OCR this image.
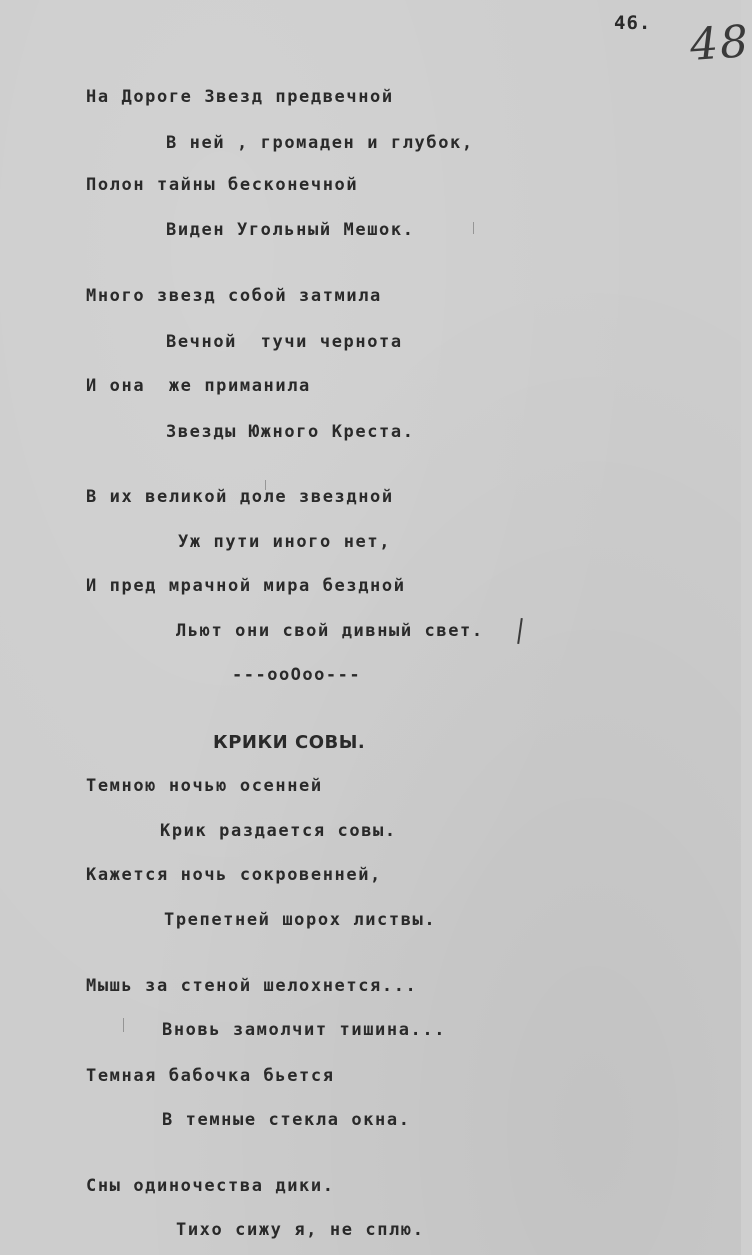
46. 48
На Дороге Звезд предвечной
В ней , громаден и глубок,
Полон тайны бесконечной
Виден Угольный Мешок.
Много звезд собой затмила
Вечной  тучи чернота
И она  же приманила
Звезды Южного Креста.
В их великой доле звездной
Уж пути иного нет,
И пред мрачной мира бездной
Льют они свой дивный свет.
---ооОоо---
КРИКИ СОВЫ.
Темною ночью осенней
Крик раздается совы.
Кажется ночь сокровенней,
Трепетней шорох листвы.
Мышь за стеной шелохнется...
Вновь замолчит тишина...
Темная бабочка бьется
В темные стекла окна.
Сны одиночества дики.
Тихо сижу я, не сплю.
